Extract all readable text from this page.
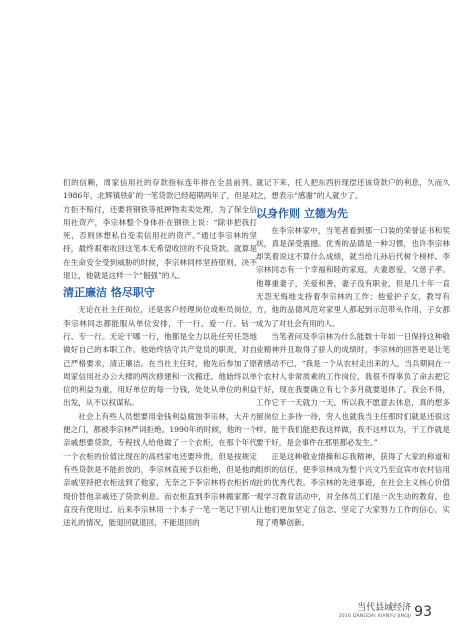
们的信赖，周家信用社的存款指标连年排在全县前列。1986年，北辉镇铁矿的一笔贷款已经超期两年了，但是对方拒不赔付，还要将钢铁等抵押物卖卖处理，为了保全信用社资产，李宗林整个身体扑在钢铁上说：“除非把我打死，否则休想私自变卖信用社的资产。”通过李宗林的坚持，最终艰难收回这笔本无希望收回的不良贷款。就算是在生命安全受到威胁的时候，李宗林同样坚持原则，决不退让，他就是这样一个“倔强”的人。

清正廉洁 恪尽职守

无论在社主任岗位，还是客户经理岗位或柜员岗位，李宗林同志都能服从单位安排，干一行、爱一行、钻一行、专一行。无论干哪一行，他都是全力以赴任劳任怨地做好自己的本职工作。他始终恪守共产党员的职责，对自己严格要求，清正廉洁。在当社主任时，他先后参加了原周家信用社办公大楼的两次修建和一次搬迁。他始终以单位的利益为重，用好单位的每一分钱，处处从单位的利益出发，从不以权谋私。

社会上有些人员想要用金钱利益腐蚀李宗林，大开方便之门，都被李宗林严词拒绝。1990年的时候，他的一个亲戚想要贷款，专程找人给他做了一个衣柜，在那个年代一个衣柜的价值比现在的高档家电还要珍贵，但是按规定有些贷款是不能折放的，李宗林直接予以拒绝，但是他的亲戚坚持把衣柜送到了他家，无奈之下李宗林将衣柜折成现价替他亲戚还了贷款利息。而衣柜直到李宗林搬家都一直没有使用过。后来李宗林用一个本子一笔一笔记下别人送礼的情况，能退回就退回，不能退回的

就记下来，托人把东西折现偿还该贷款户的利息，久而久之，想表示“感谢”的人就少了。

以身作则 立德为先

在李宗林家中，当笔者看到那一口装的荣誉证书和奖状，真是深受震撼。优秀的品德是一种习惯，也许李宗林却笑着说这不算什么成绩，就当给儿孙后代树个榜样。李宗林同志有一个幸福和睦的家庭，夫妻恩爱，父慈子孝。他尊重妻子，关爱和善，妻子没有职业，但是几十年一直无怨无悔地支持着李宗林的工作；他爱护子女，教导有方，他的品德风范对家里人都起到示范带头作用，子女都成为了对社会有用的人。

当笔者问及李宗林为什么能数十年如一日保持这种敬业精神并且取得了骄人的成绩时，李宗林的回答更是让笔者感动不已，“我是一个从农村走出来的人，当兵期间在一个农村人非常质素的工作岗位，我很不得辜负了命去把它干好，现在我要确立有七个多月就要退休了，我会不得，工作它干一天就力一天，所以我不愿意去休息，真的想多留岗位上多待一待，穷人也就我当主任那时们就是还很这样，能干我们能把我这样做，我不这样以为，干工作就是要干好，是会事件在那里都必发生。”

正是这种敬业情操和忘我精神，获得了大家的称道和组织的信任，使李宗林成为整个兴文乃至宜宾市农村信用社的优秀代表。李宗林的先进事迹，在社会主义核心价值观学习教育活动中，对全体员工们是一次生动的教育，也让他们更加坚定了信念、坚定了大家努力工作的信心，实现了勇攀创新。

当代县域经济
2016 DANGDAI XIANYU JINGJI 93
